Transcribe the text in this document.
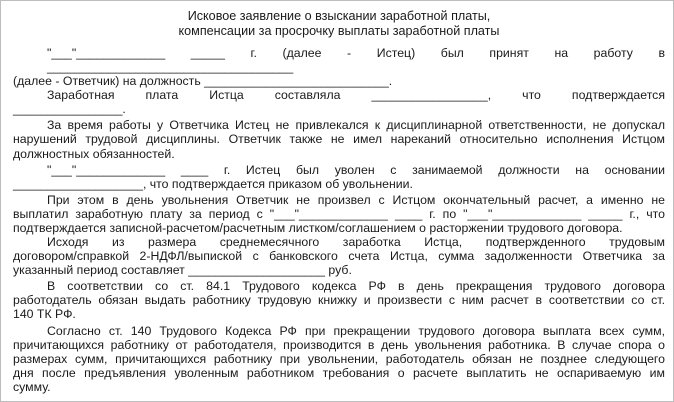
Исковое заявление о взыскании заработной платы,
компенсации за просрочку выплаты заработной платы
"___"_____________ _____ г. (далее - Истец) был принят на работу в ____________________________________
(далее - Ответчик) на должность ___________________________.
Заработная плата Истца составляла _________________, что подтверждается
________________.
За время работы у Ответчика Истец не привлекался к дисциплинарной ответственности, не допускал
нарушений трудовой дисциплины. Ответчик также не имел нареканий относительно исполнения Истцом
должностных обязанностей.
"___"_____________ ____ г. Истец был уволен с занимаемой должности на основании
___________________, что подтверждается приказом об увольнении.
При этом в день увольнения Ответчик не произвел с Истцом окончательный расчет, а именно не
выплатил заработную плату за период с "___"_____________ ____ г. по "___"_____________ _____ г., что
подтверждается записной-расчетом/расчетным листком/соглашением о расторжении трудового договора.
Исходя из размера среднемесячного заработка Истца, подтвержденного трудовым
договором/справкой 2-НДФЛ/выпиской с банковского счета Истца, сумма задолженности Ответчика за
указанный период составляет ____________________ руб.
В соответствии со ст. 84.1 Трудового кодекса РФ в день прекращения трудового договора
работодатель обязан выдать работнику трудовую книжку и произвести с ним расчет в соответствии со ст.
140 ТК РФ.
Согласно ст. 140 Трудового Кодекса РФ при прекращении трудового договора выплата всех сумм,
причитающихся работнику от работодателя, производится в день увольнения работника. В случае спора о
размерах сумм, причитающихся работнику при увольнении, работодатель обязан не позднее следующего
дня после предъявления уволенным работником требования о расчете выплатить не оспариваемую им
сумму.
